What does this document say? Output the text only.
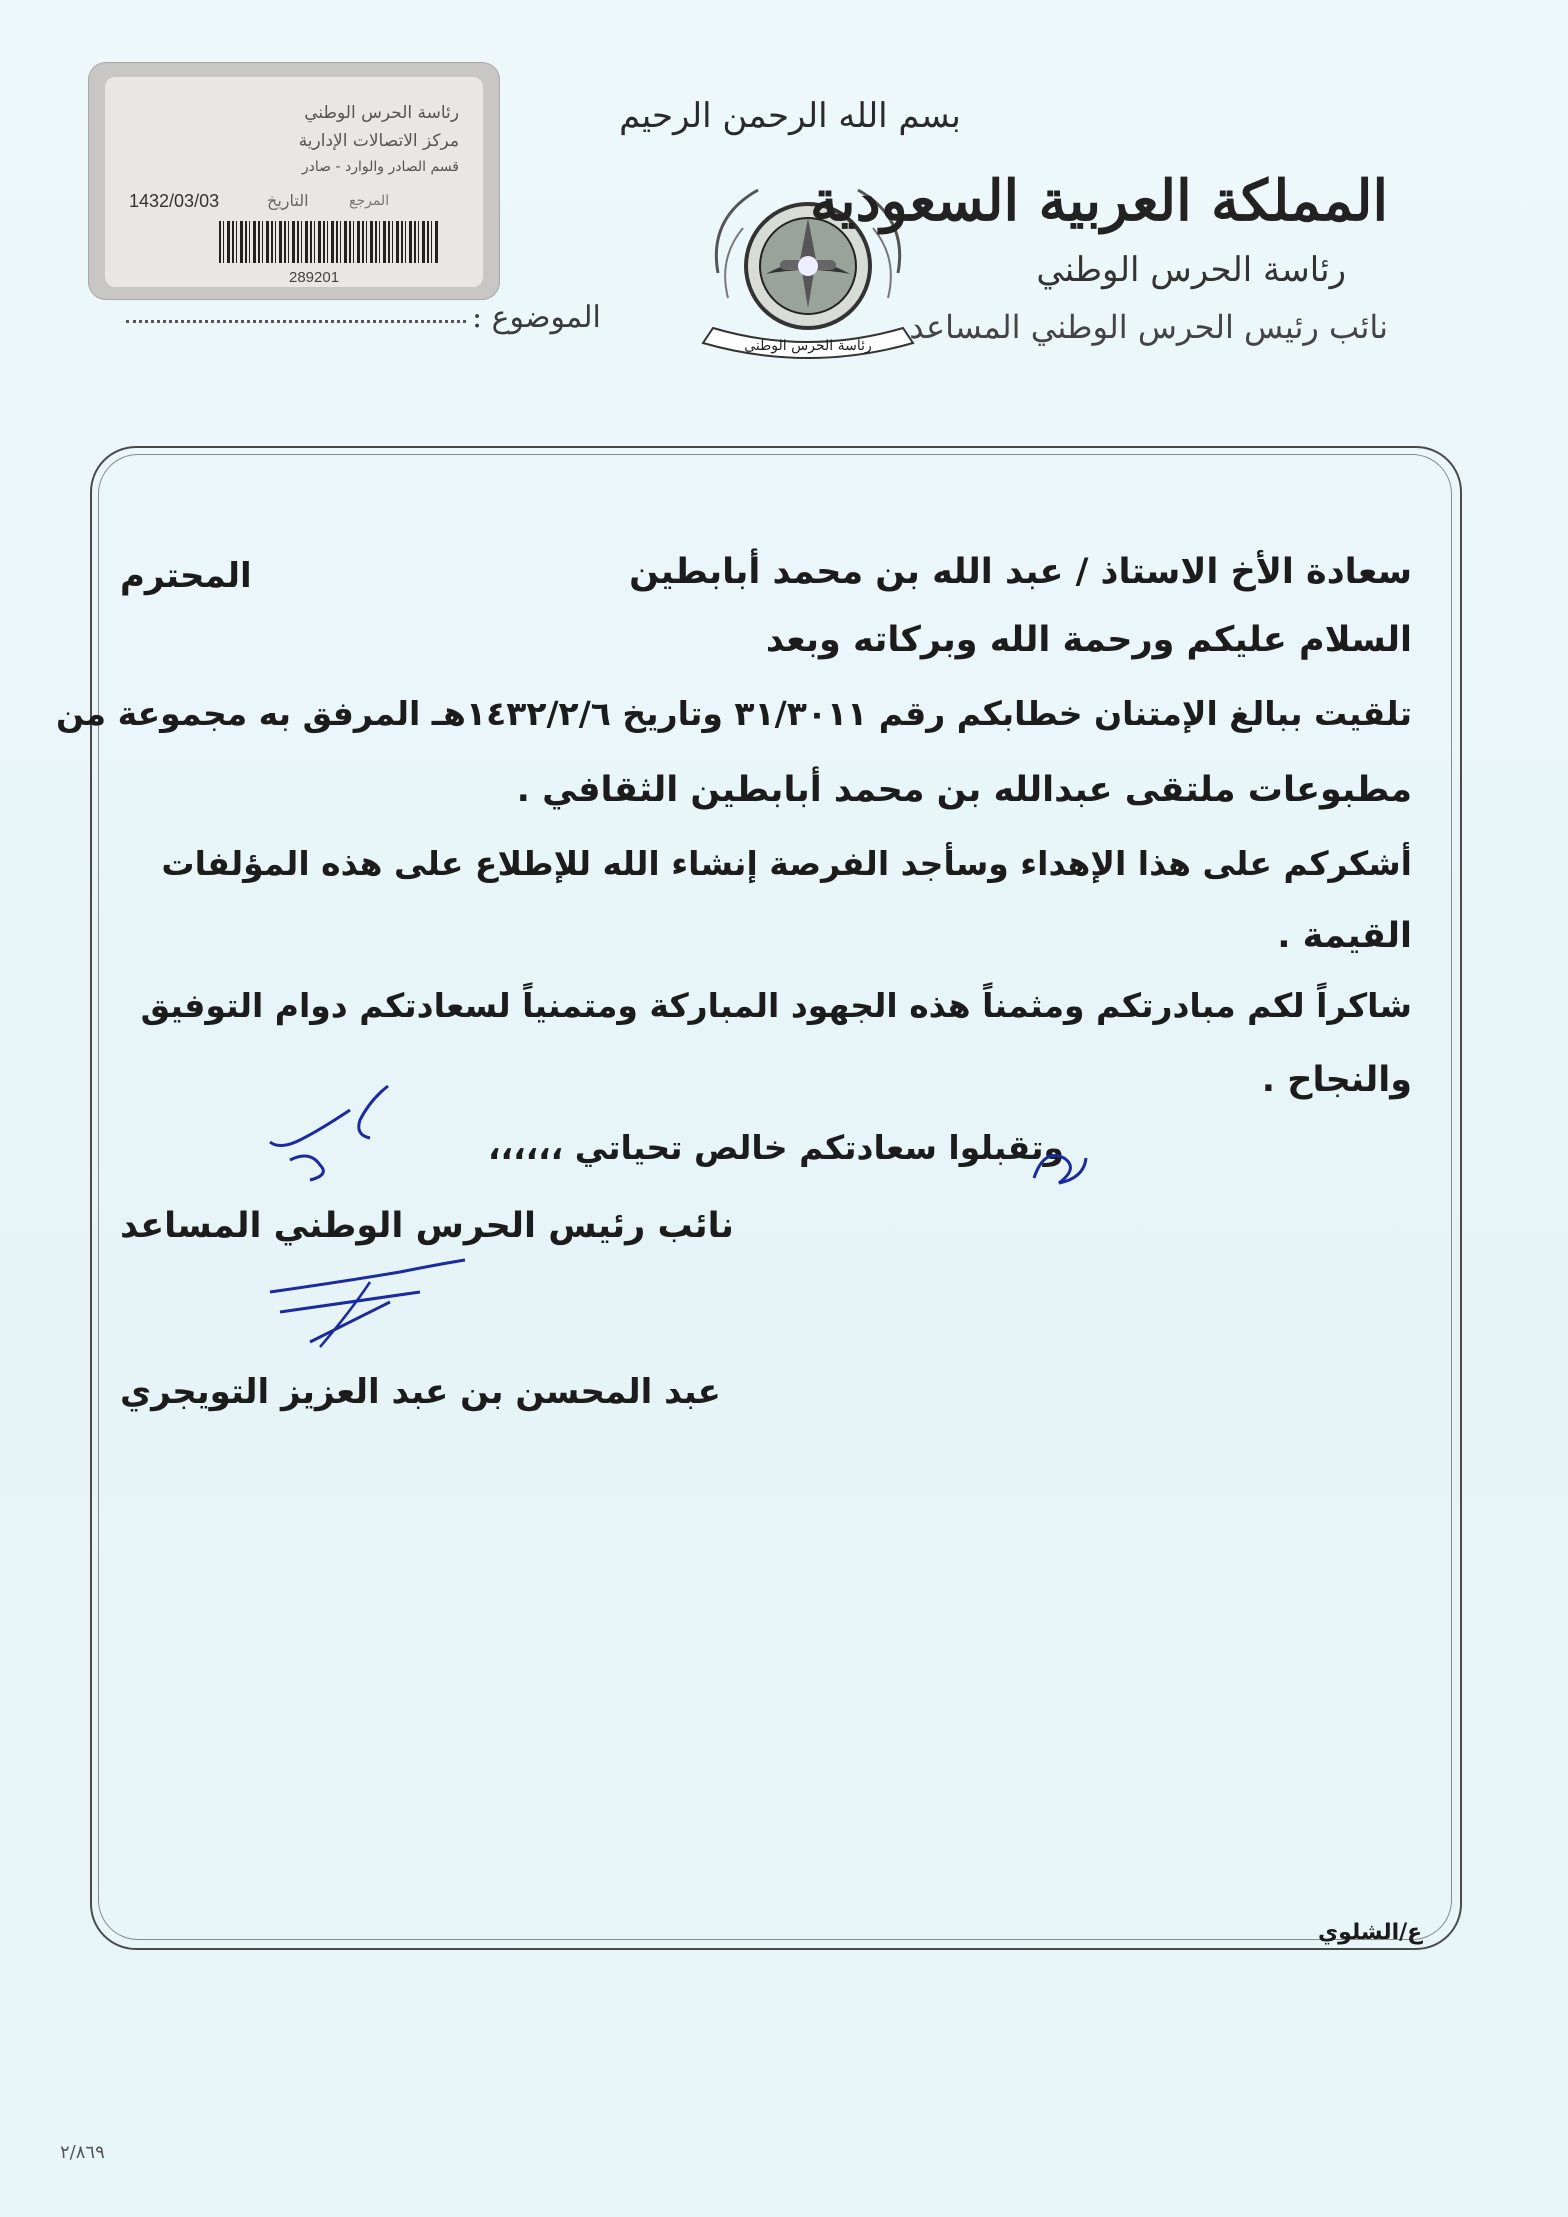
رئاسة الحرس الوطني
مركز الاتصالات الإدارية
قسم الصادر والوارد - صادر
1432/03/03	التاريخ	المرجع
289201
بسم الله الرحمن الرحيم
رئاسة الحرس الوطني
الموضوع :
المملكة العربية السعودية
رئاسة الحرس الوطني
نائب رئيس الحرس الوطني المساعد
سعادة الأخ الاستاذ / عبد الله بن محمد أبابطين
المحترم
السلام عليكم ورحمة الله وبركاته وبعد
تلقيت ببالغ الإمتنان خطابكم رقم ٣١/٣٠١١ وتاريخ ١٤٣٢/٢/٦هـ المرفق به مجموعة من
مطبوعات ملتقى عبدالله بن محمد أبابطين الثقافي .
أشكركم على هذا الإهداء وسأجد الفرصة إنشاء الله للإطلاع على هذه المؤلفات
القيمة .
شاكراً لكم مبادرتكم ومثمناً هذه الجهود المباركة ومتمنياً لسعادتكم دوام التوفيق
والنجاح .
وتقبلوا سعادتكم خالص تحياتي ،،،،،،
نائب رئيس الحرس الوطني المساعد
عبد المحسن بن عبد العزيز التويجري
ع/الشلوي
٢/٨٦٩
